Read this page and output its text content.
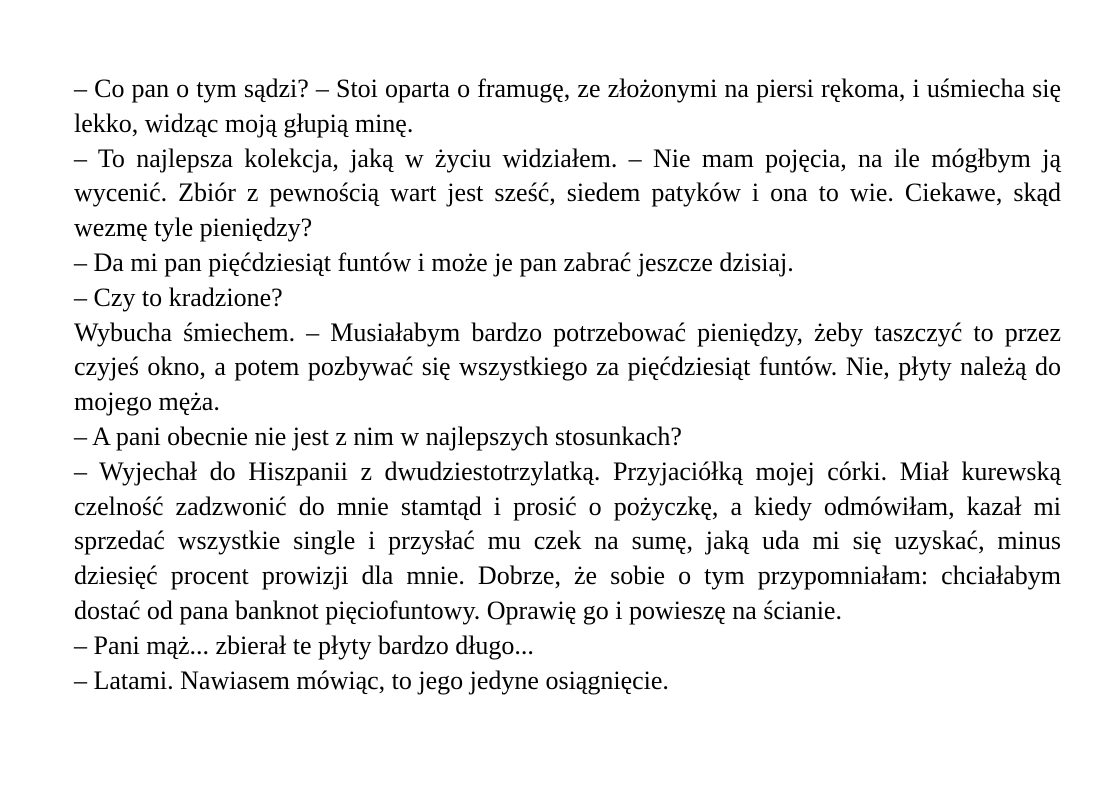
– Co pan o tym sądzi? – Stoi oparta o framugę, ze złożonymi na piersi rękoma, i uśmiecha się lekko, widząc moją głupią minę.

– To najlepsza kolekcja, jaką w życiu widziałem. – Nie mam pojęcia, na ile mógłbym ją wycenić. Zbiór z pewnością wart jest sześć, siedem patyków i ona to wie. Ciekawe, skąd wezmę tyle pieniędzy?

– Da mi pan pięćdziesiąt funtów i może je pan zabrać jeszcze dzisiaj.

– Czy to kradzione?

Wybucha śmiechem. – Musiałabym bardzo potrzebować pieniędzy, żeby taszczyć to przez czyjeś okno, a potem pozbywać się wszystkiego za pięćdziesiąt funtów. Nie, płyty należą do mojego męża.

– A pani obecnie nie jest z nim w najlepszych stosunkach?

– Wyjechał do Hiszpanii z dwudziestotrzylatką. Przyjaciółką mojej córki. Miał kurewską czelność zadzwonić do mnie stamtąd i prosić o pożyczkę, a kiedy odmówiłam, kazał mi sprzedać wszystkie single i przysłać mu czek na sumę, jaką uda mi się uzyskać, minus dziesięć procent prowizji dla mnie. Dobrze, że sobie o tym przypomniałam: chciałabym dostać od pana banknot pięciofuntowy. Oprawię go i powieszę na ścianie.

– Pani mąż... zbierał te płyty bardzo długo...

– Latami. Nawiasem mówiąc, to jego jedyne osiągnięcie.
